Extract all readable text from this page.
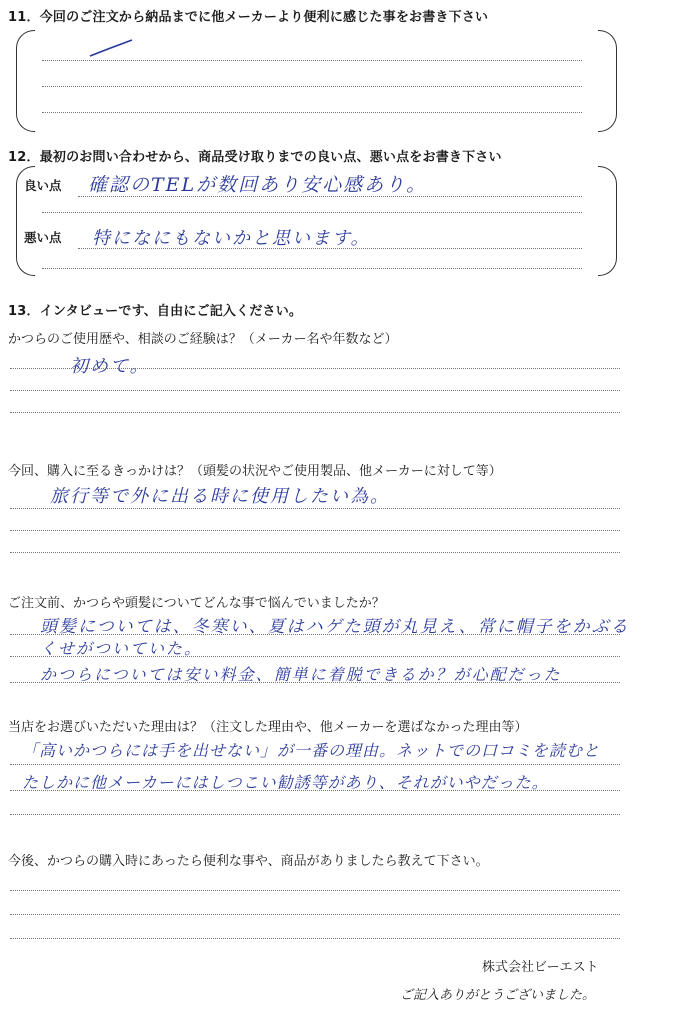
11．今回のご注文から納品までに他メーカーより便利に感じた事をお書き下さい
12．最初のお問い合わせから、商品受け取りまでの良い点、悪い点をお書き下さい
良い点 確認のTELが数回あり安心感あり。
悪い点 特になにもないかと思います。
13．インタビューです、自由にご記入ください。
かつらのご使用歴や、相談のご経験は？（メーカー名や年数など）
初めて。
今回、購入に至るきっかけは？（頭髪の状況やご使用製品、他メーカーに対して等）
旅行等で外に出る時に使用したい為。
ご注文前、かつらや頭髪についてどんな事で悩んでいましたか？
頭髪については、冬寒い、夏はハゲた頭が丸見え、常に帽子をかぶる
くせがついていた。
かつらについては安い料金、簡単に着脱できるか？が心配だった
当店をお選びいただいた理由は？（注文した理由や、他メーカーを選ばなかった理由等）
「高いかつらには手を出せない」が一番の理由。ネットでの口コミを読むと
たしかに他メーカーにはしつこい勧誘等があり、それがいやだった。
今後、かつらの購入時にあったら便利な事や、商品がありましたら教えて下さい。
株式会社ビーエスト
ご記入ありがとうございました。
